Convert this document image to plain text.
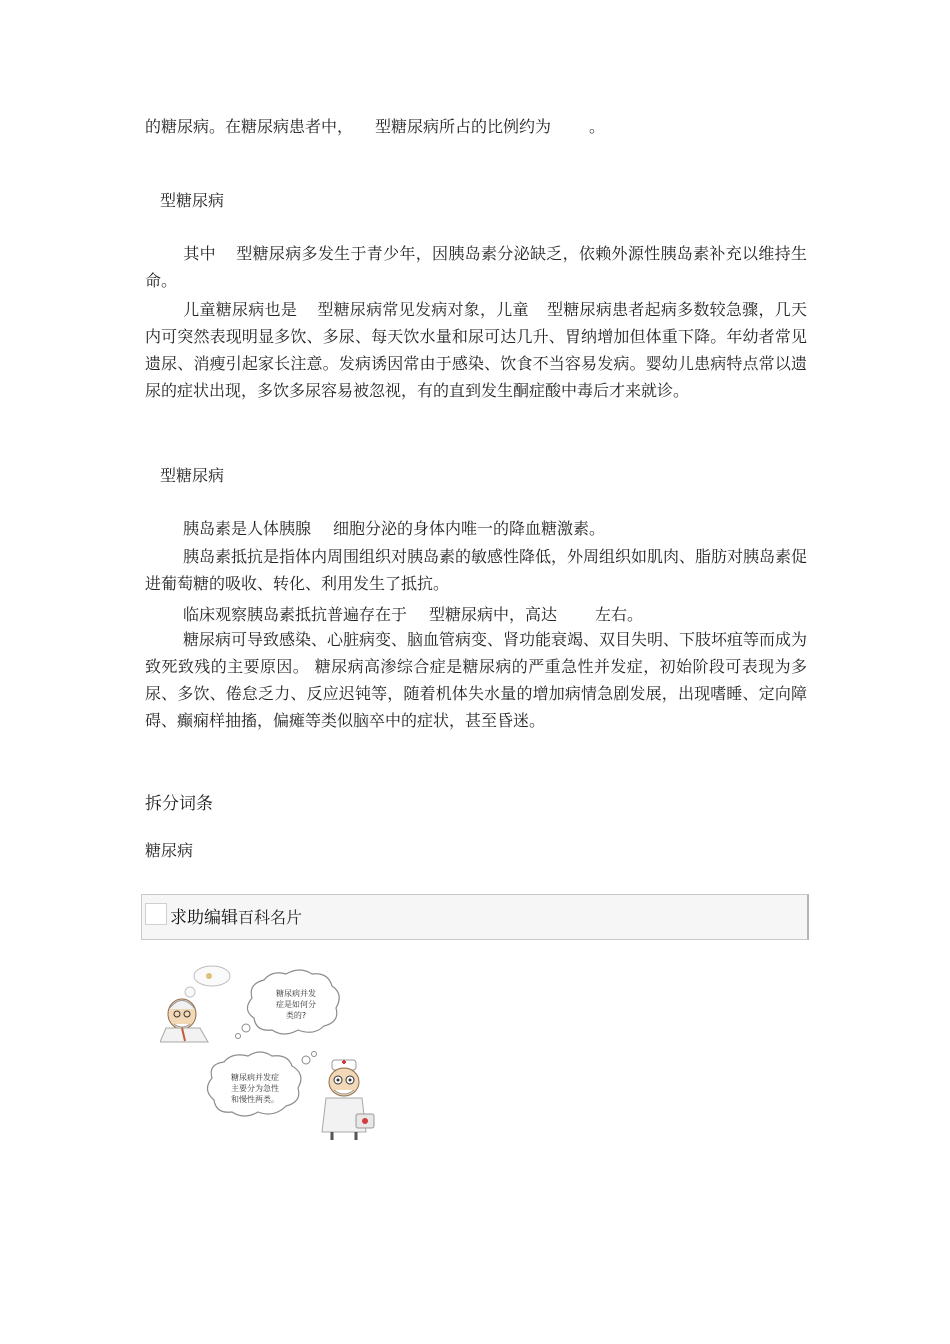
的糖尿病。在糖尿病患者中， 型糖尿病所占的比例约为 。
型糖尿病
其中 型糖尿病多发生于青少年，因胰岛素分泌缺乏，依赖外源性胰岛素补充以维持生命。
儿童糖尿病也是 型糖尿病常见发病对象，儿童 型糖尿病患者起病多数较急骤，几天内可突然表现明显多饮、多尿、每天饮水量和尿可达几升、胃纳增加但体重下降。年幼者常见遗尿、消瘦引起家长注意。发病诱因常由于感染、饮食不当容易发病。婴幼儿患病特点常以遗尿的症状出现，多饮多尿容易被忽视，有的直到发生酮症酸中毒后才来就诊。
型糖尿病
胰岛素是人体胰腺 细胞分泌的身体内唯一的降血糖激素。
胰岛素抵抗是指体内周围组织对胰岛素的敏感性降低，外周组织如肌肉、脂肪对胰岛素促进葡萄糖的吸收、转化、利用发生了抵抗。
临床观察胰岛素抵抗普遍存在于 型糖尿病中，高达 左右。
糖尿病可导致感染、心脏病变、脑血管病变、肾功能衰竭、双目失明、下肢坏疽等而成为致死致残的主要原因。 糖尿病高渗综合症是糖尿病的严重急性并发症，初始阶段可表现为多尿、多饮、倦怠乏力、反应迟钝等，随着机体失水量的增加病情急剧发展，出现嗜睡、定向障碍、癫痫样抽搐，偏瘫等类似脑卒中的症状，甚至昏迷。
拆分词条
糖尿病
求助编辑百科名片
糖尿病并发
症是如何分
类的?
糖尿病并发症
主要分为急性
和慢性两类。
